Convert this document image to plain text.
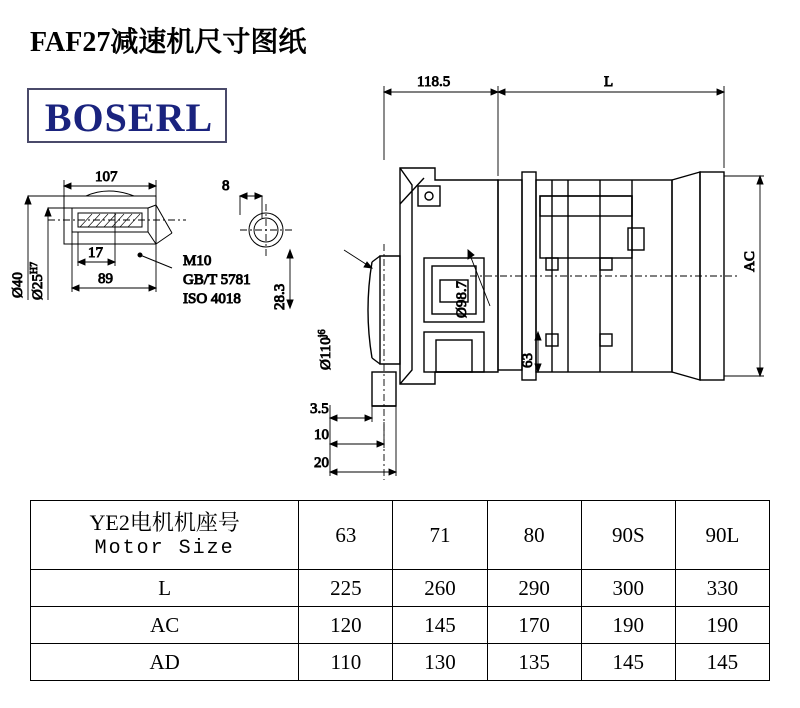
FAF27减速机尺寸图纸
BOSERL
107
17
89
Ø40 $Ø25^{H7}$
8
28.3
M10
GB/T 5781
ISO 4018
118.5	L
AC
63
Ø98.7
$Ø110^{j6}$
3.5
10
20
YE2电机机座号
Motor Size	63	71	80	90S	90L
L	225	260	290	300	330
AC	120	145	170	190	190
AD	110	130	135	145	145
